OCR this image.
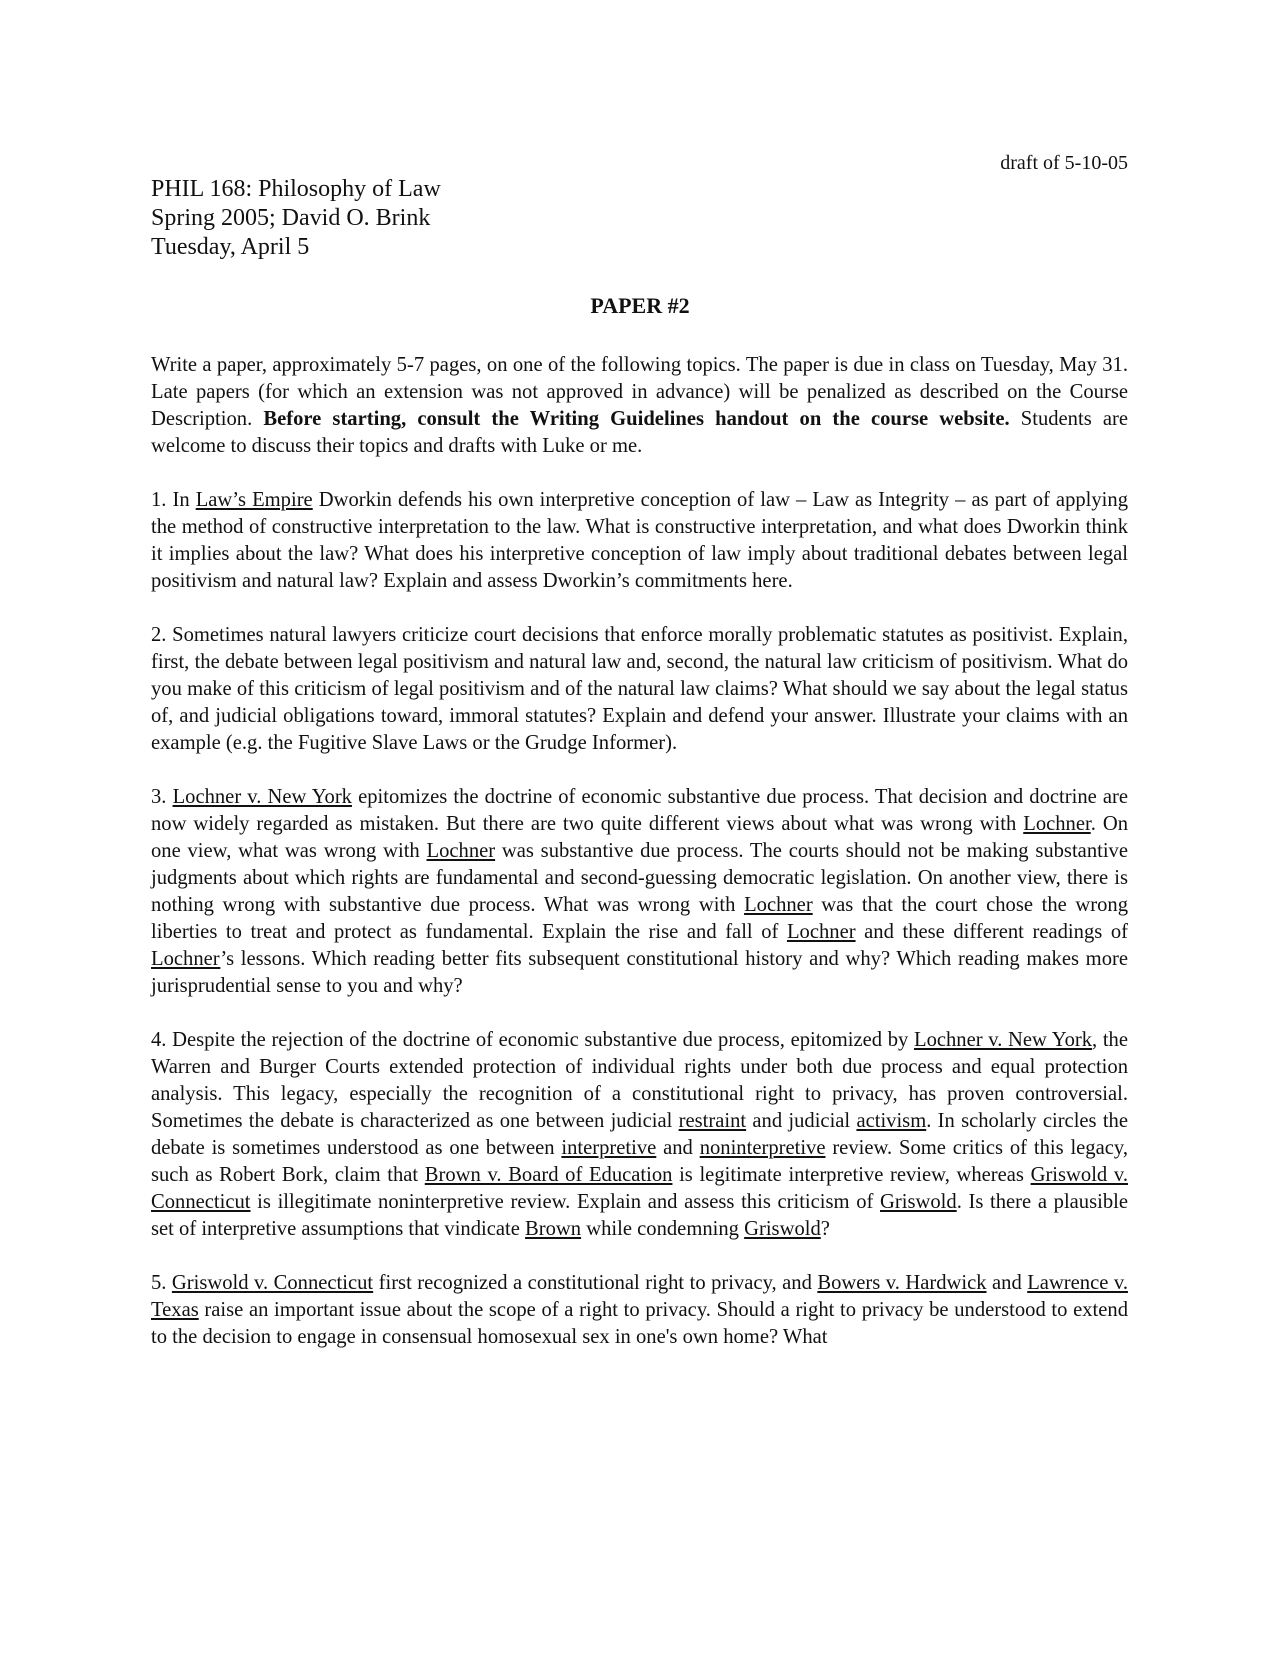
draft of 5-10-05
PHIL 168: Philosophy of Law
Spring 2005; David O. Brink
Tuesday, April 5
PAPER #2

Write a paper, approximately 5-7 pages, on one of the following topics. The paper is due in class on Tuesday, May 31. Late papers (for which an extension was not approved in advance) will be penalized as described on the Course Description. Before starting, consult the Writing Guidelines handout on the course website. Students are welcome to discuss their topics and drafts with Luke or me.

1. In Law’s Empire Dworkin defends his own interpretive conception of law – Law as Integrity – as part of applying the method of constructive interpretation to the law. What is constructive interpretation, and what does Dworkin think it implies about the law? What does his interpretive conception of law imply about traditional debates between legal positivism and natural law? Explain and assess Dworkin’s commitments here.

2. Sometimes natural lawyers criticize court decisions that enforce morally problematic statutes as positivist. Explain, first, the debate between legal positivism and natural law and, second, the natural law criticism of positivism. What do you make of this criticism of legal positivism and of the natural law claims? What should we say about the legal status of, and judicial obligations toward, immoral statutes? Explain and defend your answer. Illustrate your claims with an example (e.g. the Fugitive Slave Laws or the Grudge Informer).

3. Lochner v. New York epitomizes the doctrine of economic substantive due process. That decision and doctrine are now widely regarded as mistaken. But there are two quite different views about what was wrong with Lochner. On one view, what was wrong with Lochner was substantive due process. The courts should not be making substantive judgments about which rights are fundamental and second-guessing democratic legislation. On another view, there is nothing wrong with substantive due process. What was wrong with Lochner was that the court chose the wrong liberties to treat and protect as fundamental. Explain the rise and fall of Lochner and these different readings of Lochner’s lessons. Which reading better fits subsequent constitutional history and why? Which reading makes more jurisprudential sense to you and why?

4. Despite the rejection of the doctrine of economic substantive due process, epitomized by Lochner v. New York, the Warren and Burger Courts extended protection of individual rights under both due process and equal protection analysis. This legacy, especially the recognition of a constitutional right to privacy, has proven controversial. Sometimes the debate is characterized as one between judicial restraint and judicial activism. In scholarly circles the debate is sometimes understood as one between interpretive and noninterpretive review. Some critics of this legacy, such as Robert Bork, claim that Brown v. Board of Education is legitimate interpretive review, whereas Griswold v. Connecticut is illegitimate noninterpretive review. Explain and assess this criticism of Griswold. Is there a plausible set of interpretive assumptions that vindicate Brown while condemning Griswold?

5. Griswold v. Connecticut first recognized a constitutional right to privacy, and Bowers v. Hardwick and Lawrence v. Texas raise an important issue about the scope of a right to privacy. Should a right to privacy be understood to extend to the decision to engage in consensual homosexual sex in one's own home? What
